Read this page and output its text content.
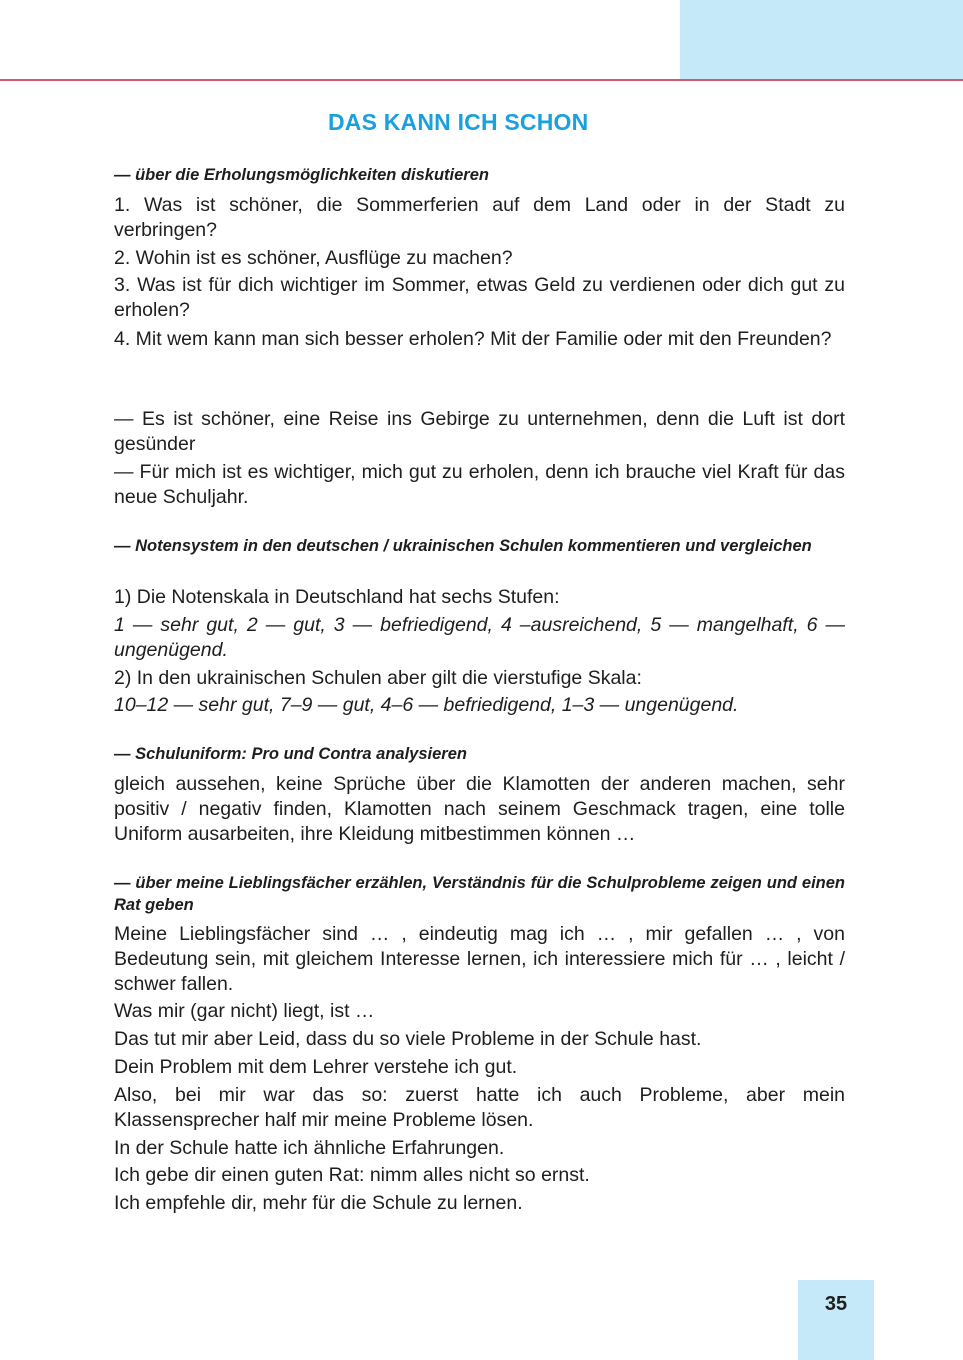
DAS KANN ICH SCHON
— über die Erholungsmöglichkeiten diskutieren
1. Was ist schöner, die Sommerferien auf dem Land oder in der Stadt zu verbringen?
2. Wohin ist es schöner, Ausflüge zu machen?
3. Was ist für dich wichtiger im Sommer, etwas Geld zu verdienen oder dich gut zu erholen?
4. Mit wem kann man sich besser erholen? Mit der Familie oder mit den Freunden?
— Es ist schöner, eine Reise ins Gebirge zu unternehmen, denn die Luft ist dort gesünder
— Für mich ist es wichtiger, mich gut zu erholen, denn ich brauche viel Kraft für das neue Schuljahr.
— Notensystem in den deutschen / ukrainischen Schulen kommentieren und vergleichen
1) Die Notenskala in Deutschland hat sechs Stufen:
1 — sehr gut, 2 — gut, 3 — befriedigend, 4 –ausreichend, 5 — mangelhaft, 6 — ungenügend.
2) In den ukrainischen Schulen aber gilt die vierstufige Skala:
10–12 — sehr gut, 7–9 — gut, 4–6 — befriedigend, 1–3 — ungenügend.
— Schuluniform: Pro und Contra analysieren
gleich aussehen, keine Sprüche über die Klamotten der anderen machen, sehr positiv / negativ finden, Klamotten nach seinem Geschmack tragen, eine tolle Uniform ausarbeiten, ihre Kleidung mitbestimmen können …
— über meine Lieblingsfächer erzählen, Verständnis für die Schulprobleme zeigen und einen Rat geben
Meine Lieblingsfächer sind … , eindeutig mag ich … , mir gefallen … , von Bedeutung sein, mit gleichem Interesse lernen, ich interessiere mich für … , leicht / schwer fallen.
Was mir (gar nicht) liegt, ist …
Das tut mir aber Leid, dass du so viele Probleme in der Schule hast.
Dein Problem mit dem Lehrer verstehe ich gut.
Also, bei mir war das so: zuerst hatte ich auch Probleme, aber mein Klassensprecher half mir meine Probleme lösen.
In der Schule hatte ich ähnliche Erfahrungen.
Ich gebe dir einen guten Rat: nimm alles nicht so ernst.
Ich empfehle dir, mehr für die Schule zu lernen.
35
